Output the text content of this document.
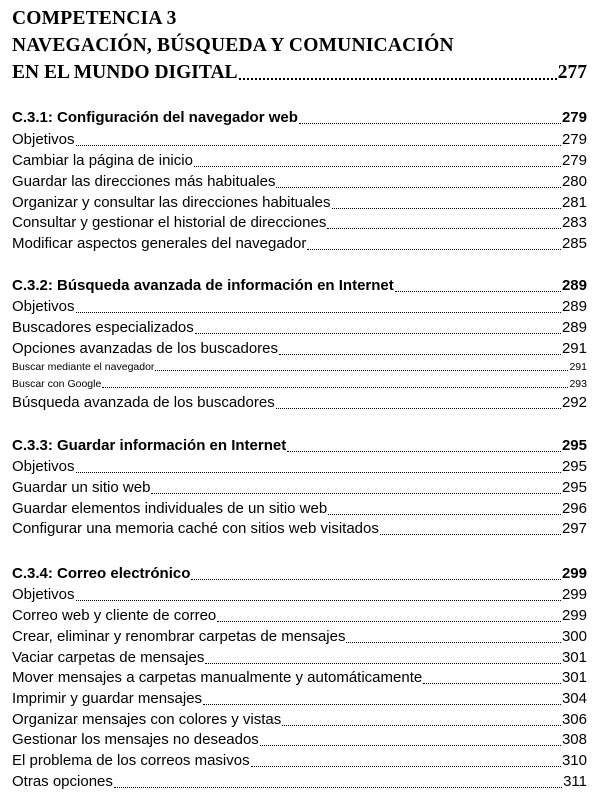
COMPETENCIA 3
NAVEGACIÓN, BÚSQUEDA Y COMUNICACIÓN
EN EL MUNDO DIGITAL	277
C.3.1: Configuración del navegador web	279
Objetivos	279
Cambiar la página de inicio	279
Guardar las direcciones más habituales	280
Organizar y consultar las direcciones habituales	281
Consultar y gestionar el historial de direcciones	283
Modificar aspectos generales del navegador	285
C.3.2: Búsqueda avanzada de información en Internet	289
Objetivos	289
Buscadores especializados	289
Opciones avanzadas de los buscadores	291
Buscar mediante el navegador	291
Buscar con Google	293
Búsqueda avanzada de los buscadores	292
C.3.3: Guardar información en Internet	295
Objetivos	295
Guardar un sitio web	295
Guardar elementos individuales de un sitio web	296
Configurar una memoria caché con sitios web visitados	297
C.3.4: Correo electrónico	299
Objetivos	299
Correo web y cliente de correo	299
Crear, eliminar y renombrar carpetas de mensajes	300
Vaciar carpetas de mensajes	301
Mover mensajes a carpetas manualmente y automáticamente	301
Imprimir y guardar mensajes	304
Organizar mensajes con colores y vistas	306
Gestionar los mensajes no deseados	308
El problema de los correos masivos	310
Otras opciones	311
